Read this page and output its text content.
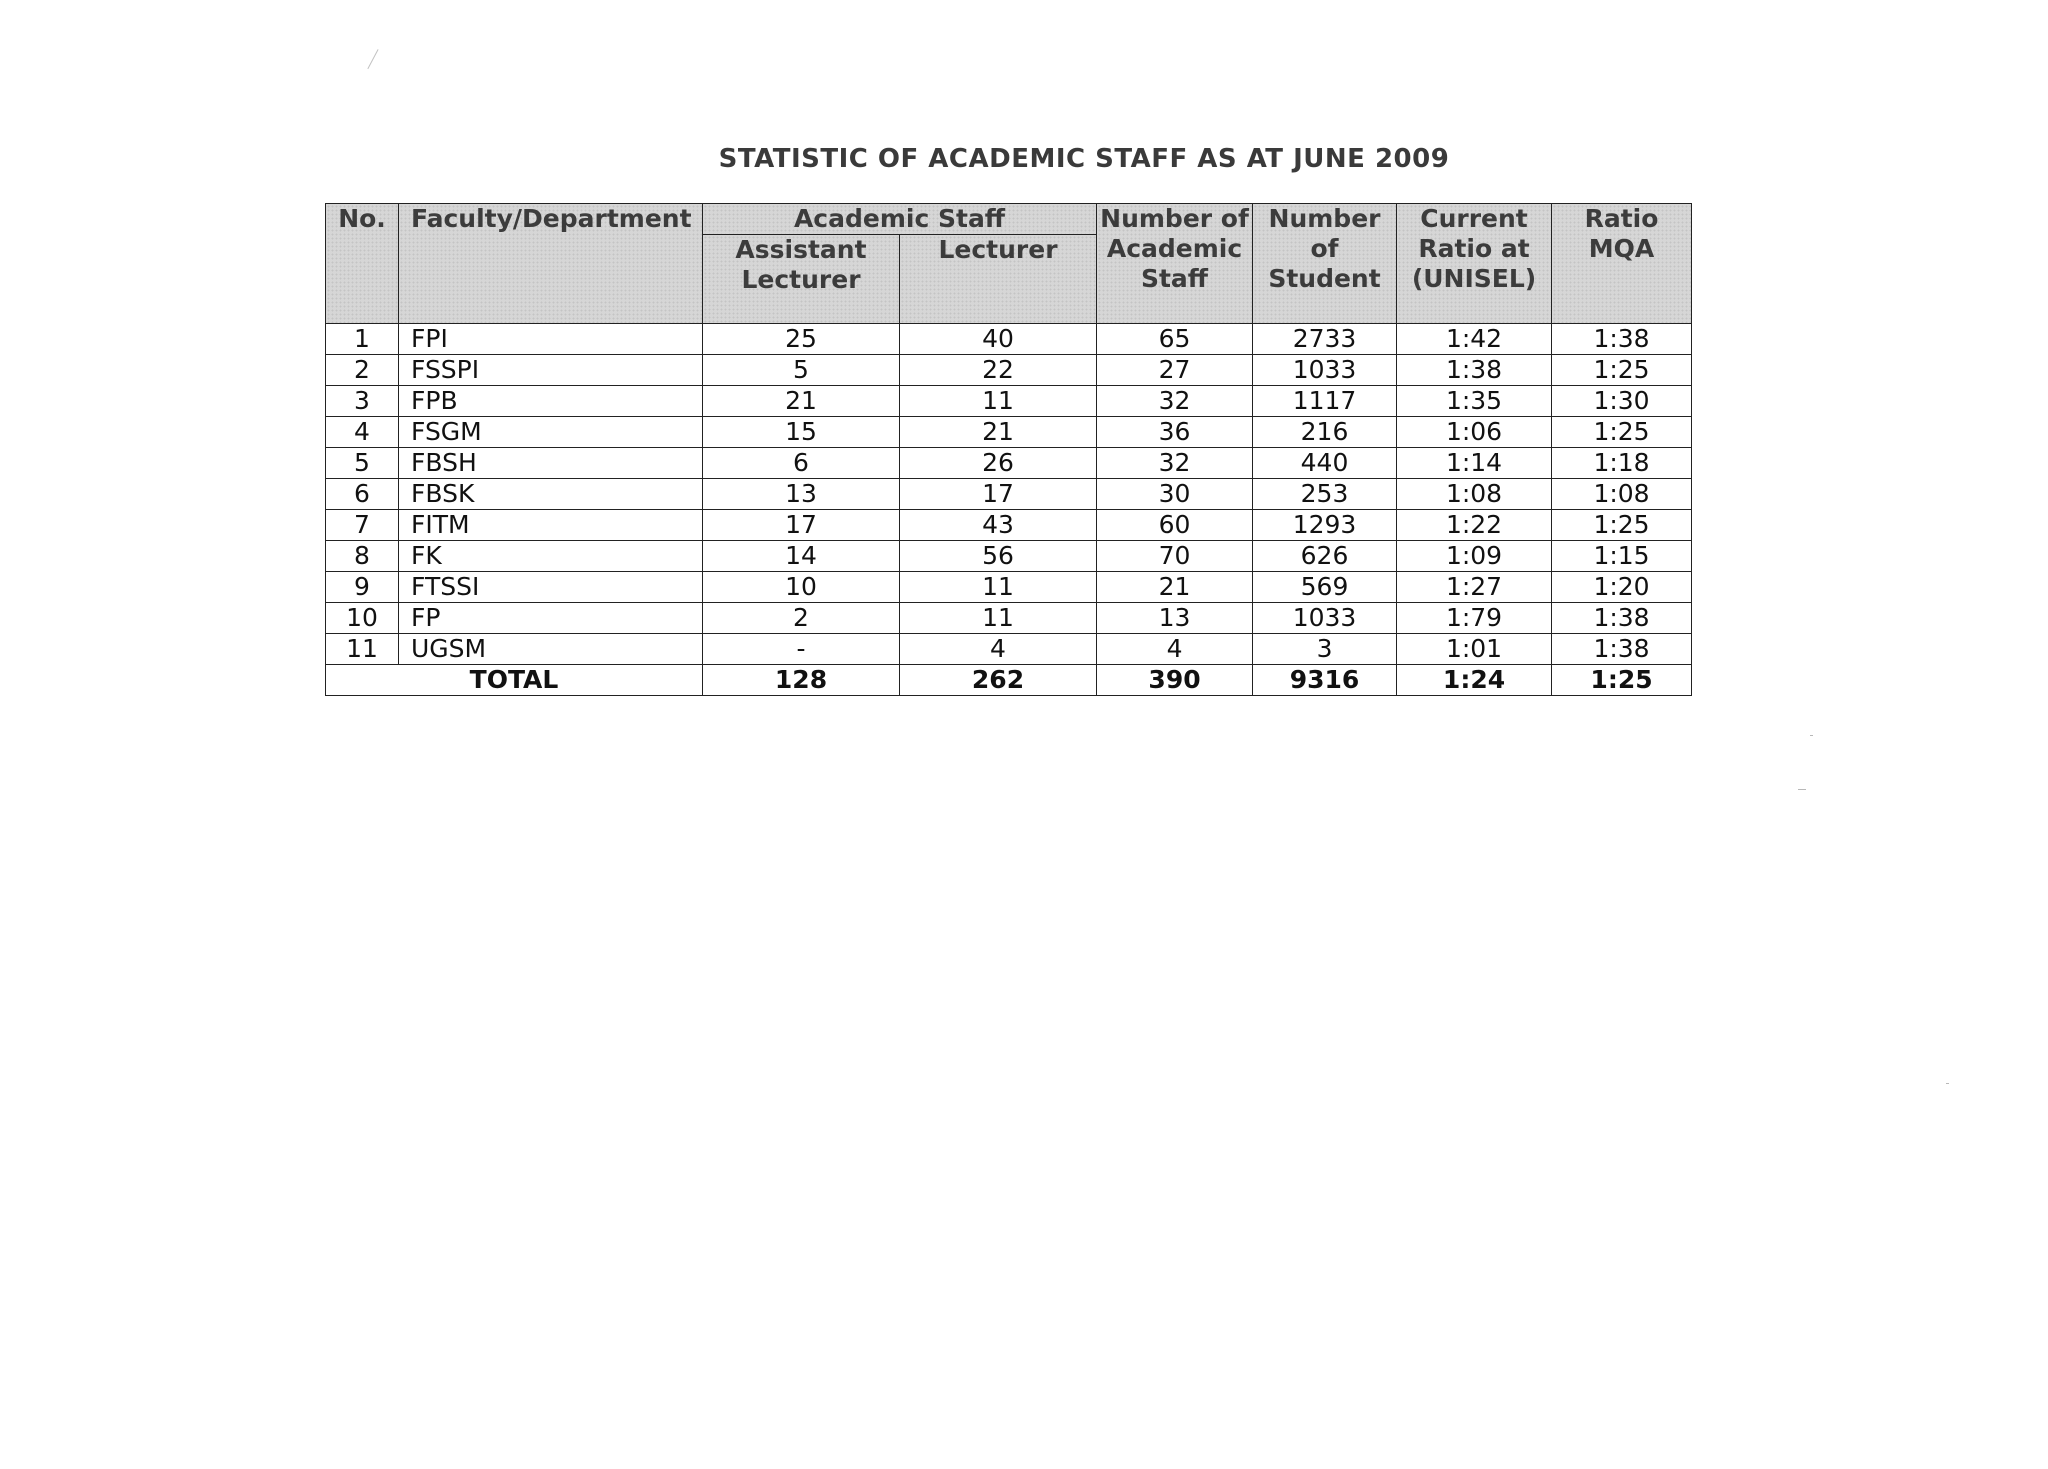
STATISTIC OF ACADEMIC STAFF AS AT JUNE 2009
No.	Faculty/Department	Academic Staff		Number of Academic Staff	Number of Student	Current Ratio at (UNISEL)	Ratio MQA
		Assistant Lecturer	Lecturer				
1	FPI	25	40	65	2733	1:42	1:38
2	FSSPI	5	22	27	1033	1:38	1:25
3	FPB	21	11	32	1117	1:35	1:30
4	FSGM	15	21	36	216	1:06	1:25
5	FBSH	6	26	32	440	1:14	1:18
6	FBSK	13	17	30	253	1:08	1:08
7	FITM	17	43	60	1293	1:22	1:25
8	FK	14	56	70	626	1:09	1:15
9	FTSSI	10	11	21	569	1:27	1:20
10	FP	2	11	13	1033	1:79	1:38
11	UGSM	-	4	4	3	1:01	1:38
TOTAL		128	262	390	9316	1:24	1:25
